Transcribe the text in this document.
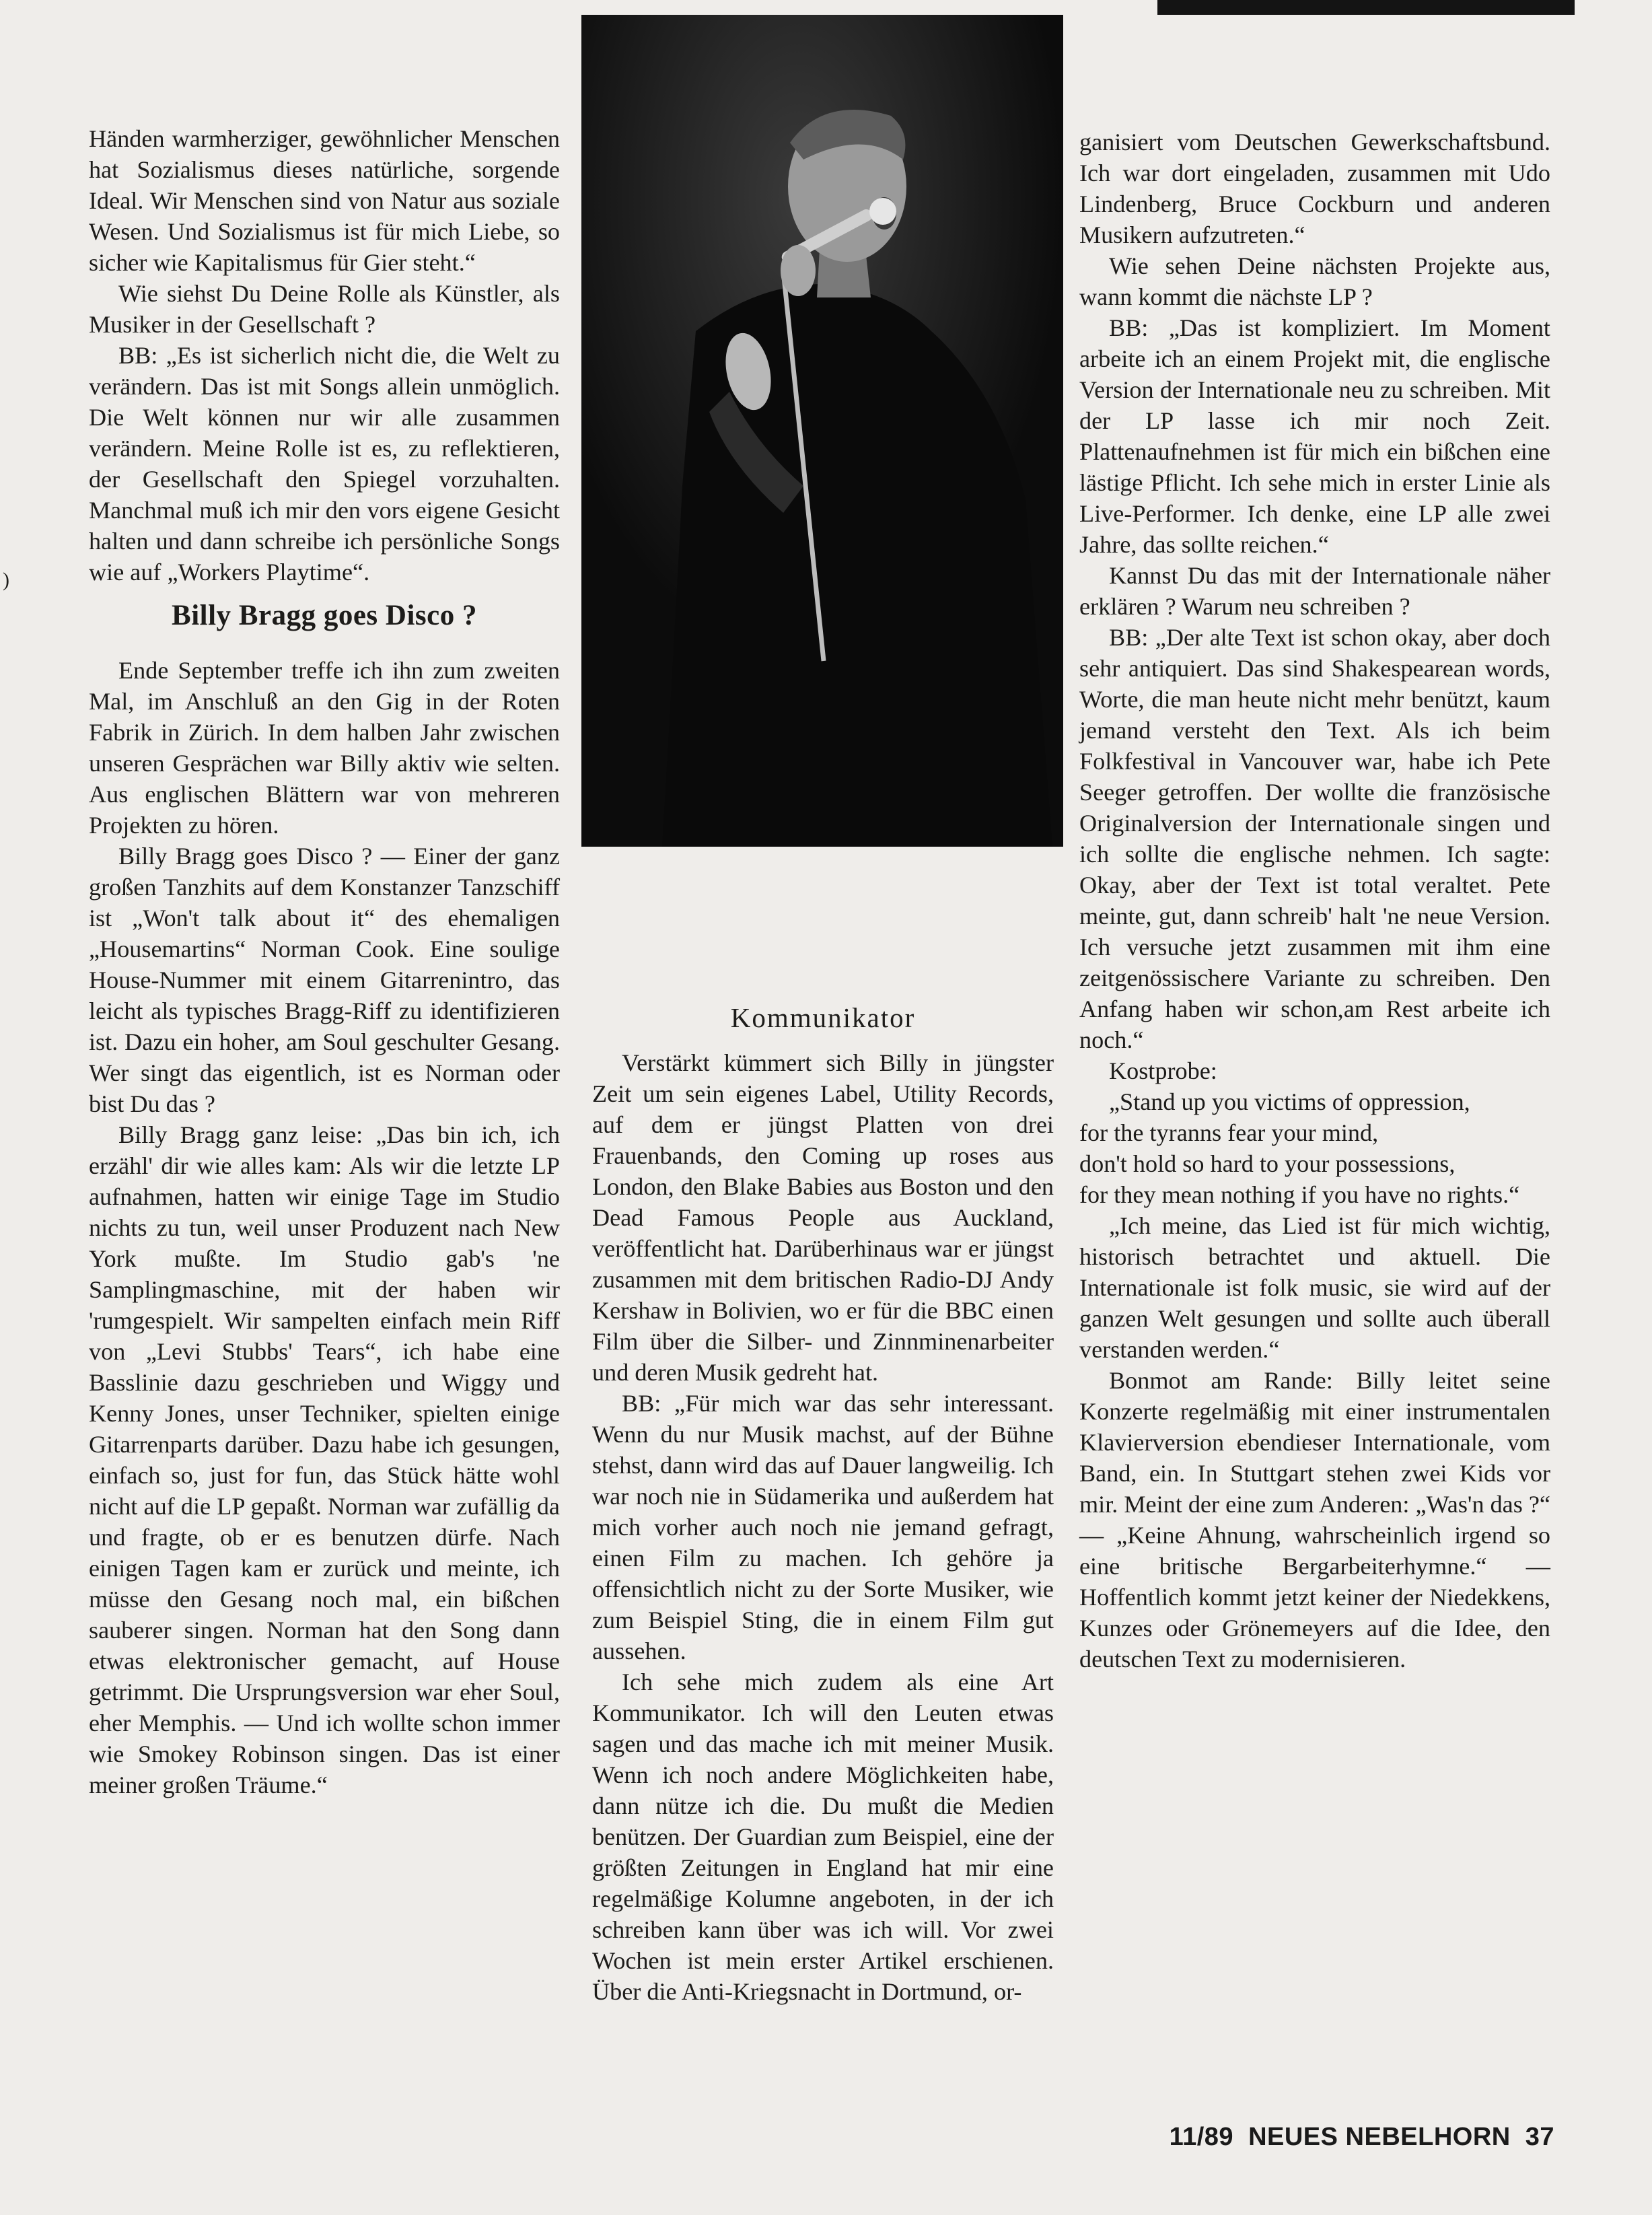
)

Händen warmherziger, gewöhnlicher Menschen hat Sozialismus dieses natürliche, sorgende Ideal. Wir Menschen sind von Natur aus soziale Wesen. Und Sozialismus ist für mich Liebe, so sicher wie Kapitalismus für Gier steht.“

Wie siehst Du Deine Rolle als Künstler, als Musiker in der Gesellschaft ?

BB: „Es ist sicherlich nicht die, die Welt zu verändern. Das ist mit Songs allein unmöglich. Die Welt können nur wir alle zusammen verändern. Meine Rolle ist es, zu reflektieren, der Gesellschaft den Spiegel vorzuhalten. Manchmal muß ich mir den vors eigene Gesicht halten und dann schreibe ich persönliche Songs wie auf „Workers Playtime“.

Billy Bragg goes Disco ?

Ende September treffe ich ihn zum zweiten Mal, im Anschluß an den Gig in der Roten Fabrik in Zürich. In dem halben Jahr zwischen unseren Gesprächen war Billy aktiv wie selten. Aus englischen Blättern war von mehreren Projekten zu hören.

Billy Bragg goes Disco ? — Einer der ganz großen Tanzhits auf dem Konstanzer Tanzschiff ist „Won't talk about it“ des ehemaligen „Housemartins“ Norman Cook. Eine soulige House-Nummer mit einem Gitarrenintro, das leicht als typisches Bragg-Riff zu identifizieren ist. Dazu ein hoher, am Soul geschulter Gesang. Wer singt das eigentlich, ist es Norman oder bist Du das ?

Billy Bragg ganz leise: „Das bin ich, ich erzähl' dir wie alles kam: Als wir die letzte LP aufnahmen, hatten wir einige Tage im Studio nichts zu tun, weil unser Produzent nach New York mußte. Im Studio gab's 'ne Samplingmaschine, mit der haben wir 'rumgespielt. Wir sampelten einfach mein Riff von „Levi Stubbs' Tears“, ich habe eine Basslinie dazu geschrieben und Wiggy und Kenny Jones, unser Techniker, spielten einige Gitarrenparts darüber. Dazu habe ich gesungen, einfach so, just for fun, das Stück hätte wohl nicht auf die LP gepaßt. Norman war zufällig da und fragte, ob er es benutzen dürfe. Nach einigen Tagen kam er zurück und meinte, ich müsse den Gesang noch mal, ein bißchen sauberer singen. Norman hat den Song dann etwas elektronischer gemacht, auf House getrimmt. Die Ursprungsversion war eher Soul, eher Memphis. — Und ich wollte schon immer wie Smokey Robinson singen. Das ist einer meiner großen Träume.“

Kommunikator

Verstärkt kümmert sich Billy in jüngster Zeit um sein eigenes Label, Utility Records, auf dem er jüngst Platten von drei Frauenbands, den Coming up roses aus London, den Blake Babies aus Boston und den Dead Famous People aus Auckland, veröffentlicht hat. Darüberhinaus war er jüngst zusammen mit dem britischen Radio-DJ Andy Kershaw in Bolivien, wo er für die BBC einen Film über die Silber- und Zinnminenarbeiter und deren Musik gedreht hat.

BB: „Für mich war das sehr interessant. Wenn du nur Musik machst, auf der Bühne stehst, dann wird das auf Dauer langweilig. Ich war noch nie in Südamerika und außerdem hat mich vorher auch noch nie jemand gefragt, einen Film zu machen. Ich gehöre ja offensichtlich nicht zu der Sorte Musiker, wie zum Beispiel Sting, die in einem Film gut aussehen.

Ich sehe mich zudem als eine Art Kommunikator. Ich will den Leuten etwas sagen und das mache ich mit meiner Musik. Wenn ich noch andere Möglichkeiten habe, dann nütze ich die. Du mußt die Medien benützen. Der Guardian zum Beispiel, eine der größten Zeitungen in England hat mir eine regelmäßige Kolumne angeboten, in der ich schreiben kann über was ich will. Vor zwei Wochen ist mein erster Artikel erschienen. Über die Anti-Kriegsnacht in Dortmund, or-

ganisiert vom Deutschen Gewerkschaftsbund. Ich war dort eingeladen, zusammen mit Udo Lindenberg, Bruce Cockburn und anderen Musikern aufzutreten.“

Wie sehen Deine nächsten Projekte aus, wann kommt die nächste LP ?

BB: „Das ist kompliziert. Im Moment arbeite ich an einem Projekt mit, die englische Version der Internationale neu zu schreiben. Mit der LP lasse ich mir noch Zeit. Plattenaufnehmen ist für mich ein bißchen eine lästige Pflicht. Ich sehe mich in erster Linie als Live-Performer. Ich denke, eine LP alle zwei Jahre, das sollte reichen.“

Kannst Du das mit der Internationale näher erklären ? Warum neu schreiben ?

BB: „Der alte Text ist schon okay, aber doch sehr antiquiert. Das sind Shakespearean words, Worte, die man heute nicht mehr benützt, kaum jemand versteht den Text. Als ich beim Folkfestival in Vancouver war, habe ich Pete Seeger getroffen. Der wollte die französische Originalversion der Internationale singen und ich sollte die englische nehmen. Ich sagte: Okay, aber der Text ist total veraltet. Pete meinte, gut, dann schreib' halt 'ne neue Version. Ich versuche jetzt zusammen mit ihm eine zeitgenössischere Variante zu schreiben. Den Anfang haben wir schon,am Rest arbeite ich noch.“

Kostprobe:

„Stand up you victims of oppression,

for the tyranns fear your mind,

don't hold so hard to your possessions,

for they mean nothing if you have no rights.“

„Ich meine, das Lied ist für mich wichtig, historisch betrachtet und aktuell. Die Internationale ist folk music, sie wird auf der ganzen Welt gesungen und sollte auch überall verstanden werden.“

Bonmot am Rande: Billy leitet seine Konzerte regelmäßig mit einer instrumentalen Klavierversion ebendieser Internationale, vom Band, ein. In Stuttgart stehen zwei Kids vor mir. Meint der eine zum Anderen: „Was'n das ?“ — „Keine Ahnung, wahrscheinlich irgend so eine britische Bergarbeiterhymne.“ — Hoffentlich kommt jetzt keiner der Niedekkens, Kunzes oder Grönemeyers auf die Idee, den deutschen Text zu modernisieren.

11/89 NEUES NEBELHORN 37
